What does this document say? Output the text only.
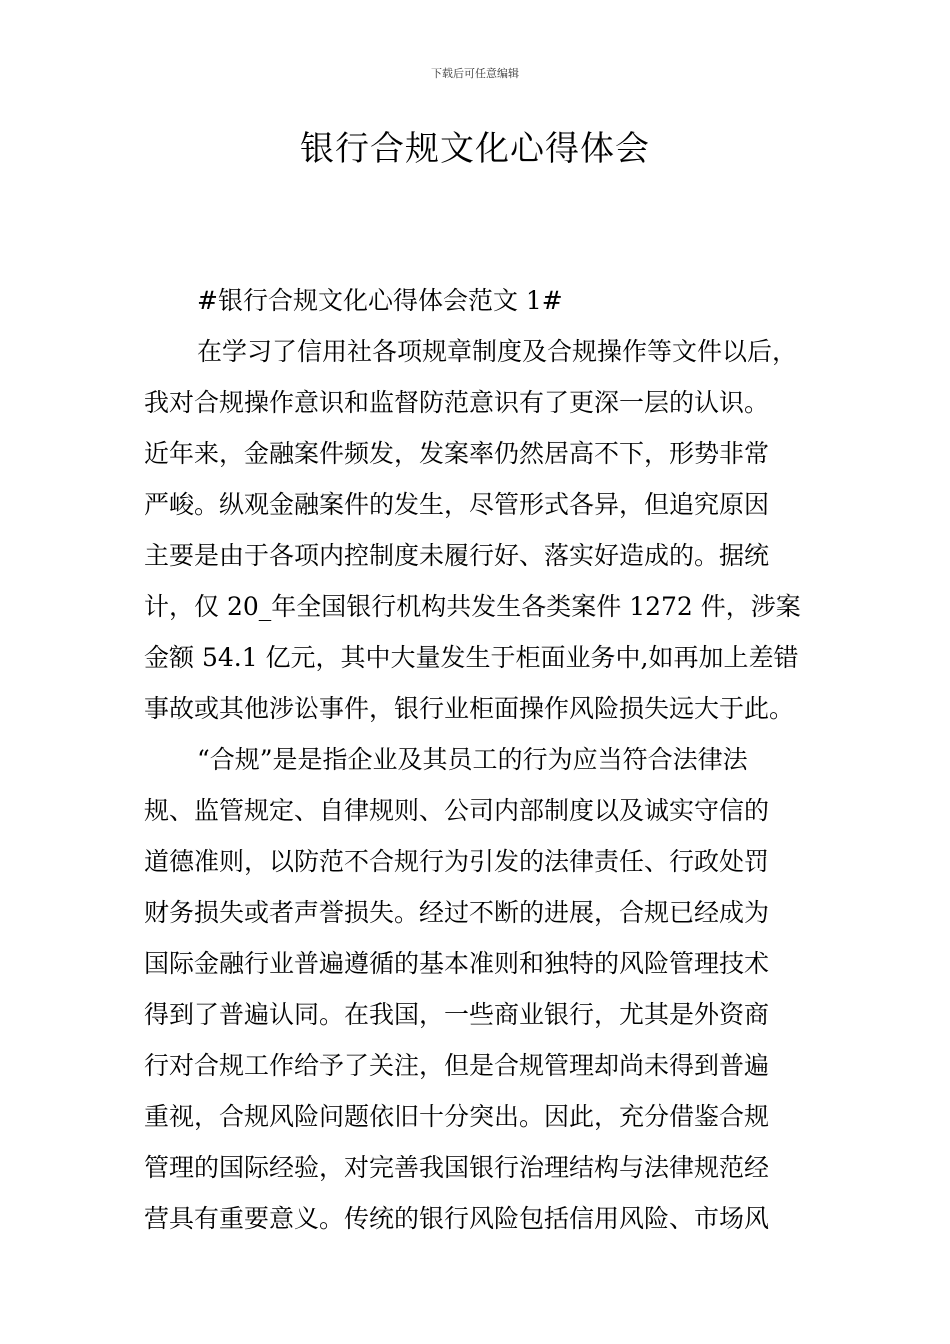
下载后可任意编辑
银行合规文化心得体会
#银行合规文化心得体会范文 1#
在学习了信用社各项规章制度及合规操作等文件以后，
我对合规操作意识和监督防范意识有了更深一层的认识。
近年来，金融案件频发，发案率仍然居高不下，形势非常
严峻。纵观金融案件的发生，尽管形式各异，但追究原因
主要是由于各项内控制度未履行好、落实好造成的。据统
计，仅 20_年全国银行机构共发生各类案件 1272 件，涉案
金额 54.1 亿元，其中大量发生于柜面业务中,如再加上差错
事故或其他涉讼事件，银行业柜面操作风险损失远大于此。
“合规”是是指企业及其员工的行为应当符合法律法
规、监管规定、自律规则、公司内部制度以及诚实守信的
道德准则，以防范不合规行为引发的法律责任、行政处罚
财务损失或者声誉损失。经过不断的进展，合规已经成为
国际金融行业普遍遵循的基本准则和独特的风险管理技术
得到了普遍认同。在我国，一些商业银行，尤其是外资商
行对合规工作给予了关注，但是合规管理却尚未得到普遍
重视，合规风险问题依旧十分突出。因此，充分借鉴合规
管理的国际经验，对完善我国银行治理结构与法律规范经
营具有重要意义。传统的银行风险包括信用风险、市场风
